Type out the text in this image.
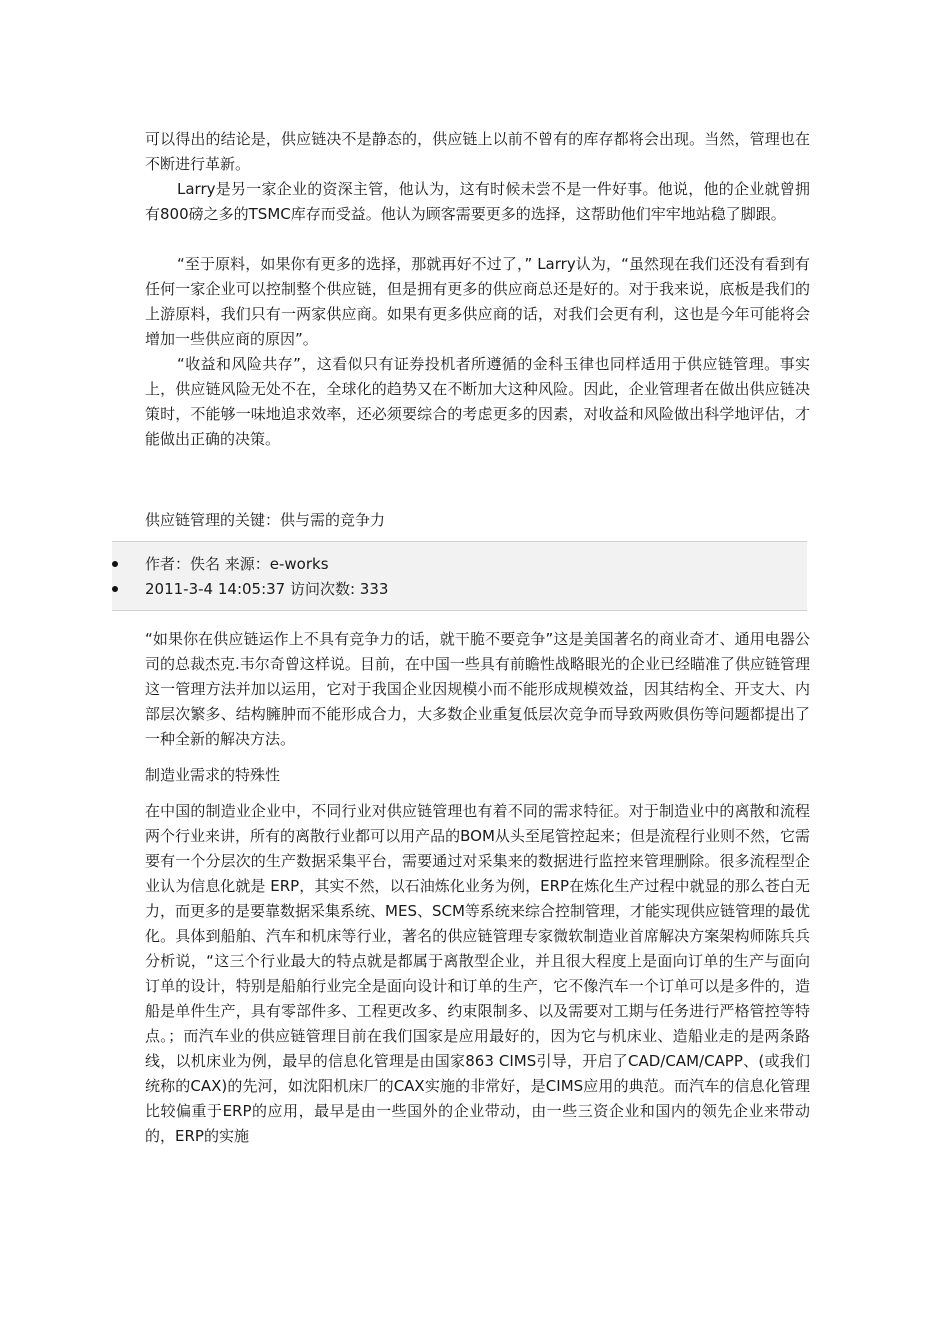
可以得出的结论是，供应链决不是静态的，供应链上以前不曾有的库存都将会出现。当然，管理也在不断进行革新。

Larry是另一家企业的资深主管，他认为，这有时候未尝不是一件好事。他说，他的企业就曾拥有800磅之多的TSMC库存而受益。他认为顾客需要更多的选择，这帮助他们牢牢地站稳了脚跟。

“至于原料，如果你有更多的选择，那就再好不过了，” Larry认为，“虽然现在我们还没有看到有任何一家企业可以控制整个供应链，但是拥有更多的供应商总还是好的。对于我来说，底板是我们的上游原料，我们只有一两家供应商。如果有更多供应商的话，对我们会更有利，这也是今年可能将会增加一些供应商的原因”。

“收益和风险共存”，这看似只有证券投机者所遵循的金科玉律也同样适用于供应链管理。事实上，供应链风险无处不在，全球化的趋势又在不断加大这种风险。因此，企业管理者在做出供应链决策时，不能够一味地追求效率，还必须要综合的考虑更多的因素，对收益和风险做出科学地评估，才能做出正确的决策。

供应链管理的关键：供与需的竞争力

作者：佚名 来源：e-works
2011-3-4 14:05:37 访问次数: 333

“如果你在供应链运作上不具有竞争力的话，就干脆不要竞争”这是美国著名的商业奇才、通用电器公司的总裁杰克.韦尔奇曾这样说。目前，在中国一些具有前瞻性战略眼光的企业已经瞄准了供应链管理这一管理方法并加以运用，它对于我国企业因规模小而不能形成规模效益，因其结构全、开支大、内部层次繁多、结构臃肿而不能形成合力，大多数企业重复低层次竞争而导致两败俱伤等问题都提出了一种全新的解决方法。

制造业需求的特殊性

在中国的制造业企业中，不同行业对供应链管理也有着不同的需求特征。对于制造业中的离散和流程两个行业来讲，所有的离散行业都可以用产品的BOM从头至尾管控起来；但是流程行业则不然，它需要有一个分层次的生产数据采集平台，需要通过对采集来的数据进行监控来管理删除。很多流程型企业认为信息化就是 ERP，其实不然，以石油炼化业务为例，ERP在炼化生产过程中就显的那么苍白无力，而更多的是要靠数据采集系统、MES、SCM等系统来综合控制管理，才能实现供应链管理的最优化。具体到船舶、汽车和机床等行业，著名的供应链管理专家微软制造业首席解决方案架构师陈兵兵分析说，“这三个行业最大的特点就是都属于离散型企业，并且很大程度上是面向订单的生产与面向订单的设计，特别是船舶行业完全是面向设计和订单的生产，它不像汽车一个订单可以是多件的，造船是单件生产，具有零部件多、工程更改多、约束限制多、以及需要对工期与任务进行严格管控等特点。；而汽车业的供应链管理目前在我们国家是应用最好的，因为它与机床业、造船业走的是两条路线，以机床业为例，最早的信息化管理是由国家863 CIMS引导，开启了CAD/CAM/CAPP、(或我们统称的CAX)的先河，如沈阳机床厂的CAX实施的非常好，是CIMS应用的典范。而汽车的信息化管理比较偏重于ERP的应用，最早是由一些国外的企业带动，由一些三资企业和国内的领先企业来带动的，ERP的实施
